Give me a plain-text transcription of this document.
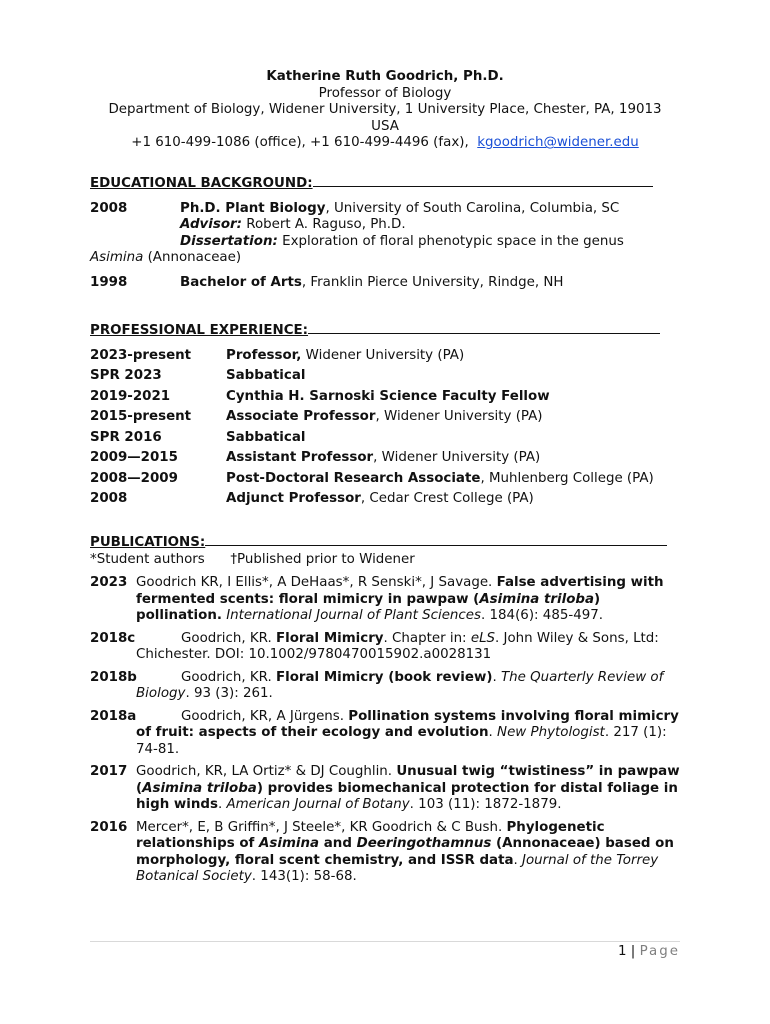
Katherine Ruth Goodrich, Ph.D.
Professor of Biology
Department of Biology, Widener University, 1 University Place, Chester, PA, 19013
USA
+1 610-499-1086 (office), +1 610-499-4496 (fax), kgoodrich@widener.edu
EDUCATIONAL BACKGROUND:
2008	Ph.D. Plant Biology, University of South Carolina, Columbia, SC
Advisor: Robert A. Raguso, Ph.D.
Dissertation: Exploration of floral phenotypic space in the genus
Asimina (Annonaceae)
1998	Bachelor of Arts, Franklin Pierce University, Rindge, NH
PROFESSIONAL EXPERIENCE:
2023-present	Professor, Widener University (PA)
SPR 2023	Sabbatical
2019-2021	Cynthia H. Sarnoski Science Faculty Fellow
2015-present	Associate Professor, Widener University (PA)
SPR 2016	Sabbatical
2009—2015	Assistant Professor, Widener University (PA)
2008—2009	Post-Doctoral Research Associate, Muhlenberg College (PA)
2008	Adjunct Professor, Cedar Crest College (PA)
PUBLICATIONS:
*Student authors †Published prior to Widener
2023 Goodrich KR, I Ellis*, A DeHaas*, R Senski*, J Savage. False advertising with fermented scents: floral mimicry in pawpaw (Asimina triloba) pollination. International Journal of Plant Sciences. 184(6): 485-497.
2018c	Goodrich, KR. Floral Mimicry. Chapter in: eLS. John Wiley & Sons, Ltd: Chichester. DOI: 10.1002/9780470015902.a0028131
2018b	Goodrich, KR. Floral Mimicry (book review). The Quarterly Review of Biology. 93 (3): 261.
2018a	Goodrich, KR, A Jürgens. Pollination systems involving floral mimicry of fruit: aspects of their ecology and evolution. New Phytologist. 217 (1): 74-81.
2017 Goodrich, KR, LA Ortiz* & DJ Coughlin. Unusual twig “twistiness” in pawpaw (Asimina triloba) provides biomechanical protection for distal foliage in high winds. American Journal of Botany. 103 (11): 1872-1879.
2016 Mercer*, E, B Griffin*, J Steele*, KR Goodrich & C Bush. Phylogenetic relationships of Asimina and Deeringothamnus (Annonaceae) based on morphology, floral scent chemistry, and ISSR data. Journal of the Torrey Botanical Society. 143(1): 58-68.
1 | Page
